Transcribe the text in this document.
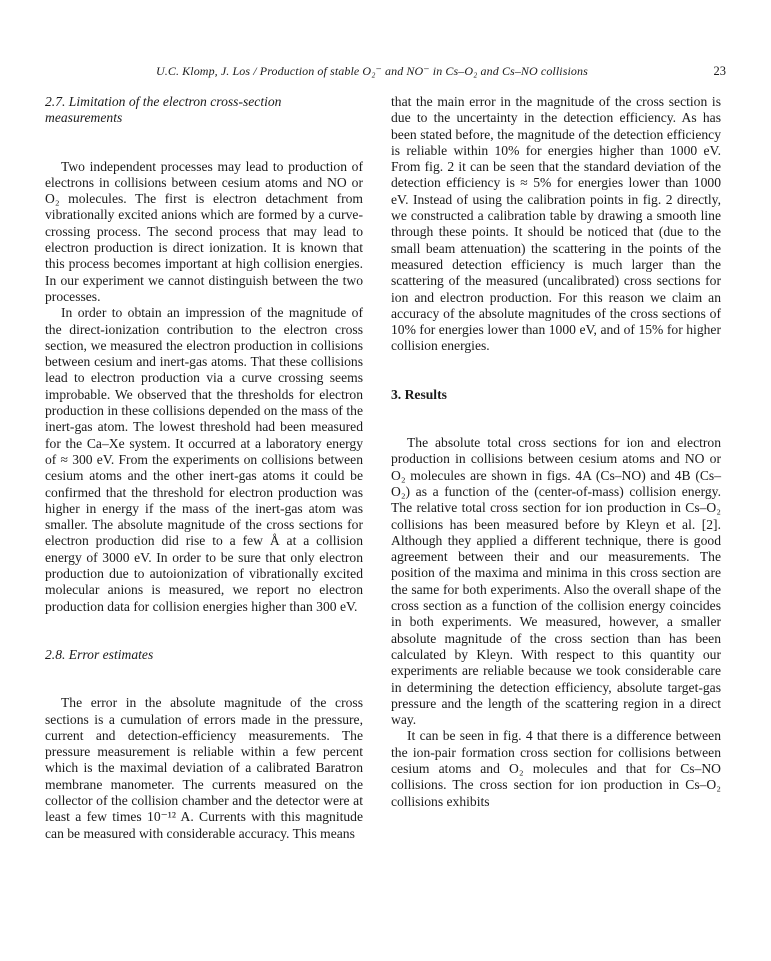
U.C. Klomp, J. Los / Production of stable O₂⁻ and NO⁻ in Cs–O₂ and Cs–NO collisions	23

2.7. Limitation of the electron cross-section

measurements

Two independent processes may lead to production of electrons in collisions between cesium atoms and NO or O₂ molecules. The first is electron detachment from vibrationally excited anions which are formed by a curve-crossing process. The second process that may lead to electron production is direct ionization. It is known that this process becomes important at high collision energies. In our experiment we cannot distinguish between the two processes.

In order to obtain an impression of the magnitude of the direct-ionization contribution to the electron cross section, we measured the electron production in collisions between cesium and inert-gas atoms. That these collisions lead to electron production via a curve crossing seems improbable. We observed that the thresholds for electron production in these collisions depended on the mass of the inert-gas atom. The lowest threshold had been measured for the Ca–Xe system. It occurred at a laboratory energy of ≈ 300 eV. From the experiments on collisions between cesium atoms and the other inert-gas atoms it could be confirmed that the threshold for electron production was higher in energy if the mass of the inert-gas atom was smaller. The absolute magnitude of the cross sections for electron production did rise to a few Å at a collision energy of 3000 eV. In order to be sure that only electron production due to autoionization of vibrationally excited molecular anions is measured, we report no electron production data for collision energies higher than 300 eV.

2.8. Error estimates

The error in the absolute magnitude of the cross sections is a cumulation of errors made in the pressure, current and detection-efficiency measurements. The pressure measurement is reliable within a few percent which is the maximal deviation of a calibrated Baratron membrane manometer. The currents measured on the collector of the collision chamber and the detector were at least a few times 10⁻¹² A. Currents with this magnitude can be measured with considerable accuracy. This means

that the main error in the magnitude of the cross section is due to the uncertainty in the detection efficiency. As has been stated before, the magnitude of the detection efficiency is reliable within 10% for energies higher than 1000 eV. From fig. 2 it can be seen that the standard deviation of the detection efficiency is ≈ 5% for energies lower than 1000 eV. Instead of using the calibration points in fig. 2 directly, we constructed a calibration table by drawing a smooth line through these points. It should be noticed that (due to the small beam attenuation) the scattering in the points of the measured detection efficiency is much larger than the scattering of the measured (uncalibrated) cross sections for ion and electron production. For this reason we claim an accuracy of the absolute magnitudes of the cross sections of 10% for energies lower than 1000 eV, and of 15% for higher collision energies.

3. Results

The absolute total cross sections for ion and electron production in collisions between cesium atoms and NO or O₂ molecules are shown in figs. 4A (Cs–NO) and 4B (Cs–O₂) as a function of the (center-of-mass) collision energy. The relative total cross section for ion production in Cs–O₂ collisions has been measured before by Kleyn et al. [2]. Although they applied a different technique, there is good agreement between their and our measurements. The position of the maxima and minima in this cross section are the same for both experiments. Also the overall shape of the cross section as a function of the collision energy coincides in both experiments. We measured, however, a smaller absolute magnitude of the cross section than has been calculated by Kleyn. With respect to this quantity our experiments are reliable because we took considerable care in determining the detection efficiency, absolute target-gas pressure and the length of the scattering region in a direct way.

It can be seen in fig. 4 that there is a difference between the ion-pair formation cross section for collisions between cesium atoms and O₂ molecules and that for Cs–NO collisions. The cross section for ion production in Cs–O₂ collisions exhibits
